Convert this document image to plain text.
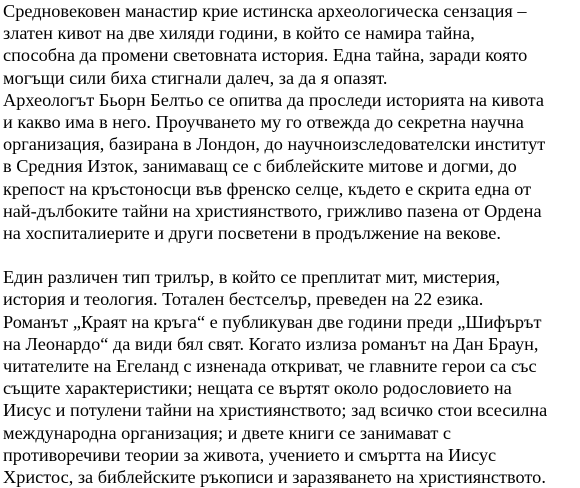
Средновековен манастир крие истинска археологическа сензация –
златен кивот на две хиляди години, в който се намира тайна,
способна да промени световната история. Една тайна, заради която
могъщи сили биха стигнали далеч, за да я опазят.
Археологът Бьорн Белтьо се опитва да проследи историята на кивота
и какво има в него. Проучването му го отвежда до секретна научна
организация, базирана в Лондон, до научноизследователски институт
в Средния Изток, занимаващ се с библейските митове и догми, до
крепост на кръстоносци във френско селце, където е скрита една от
най-дълбоките тайни на християнството, грижливо пазена от Ордена
на хоспиталиерите и други посветени в продължение на векове.
Един различен тип трилър, в който се преплитат мит, мистерия,
история и теология. Тотален бестселър, преведен на 22 езика.
Романът „Краят на кръга“ е публикуван две години преди „Шифърът
на Леонардо“ да види бял свят. Когато излиза романът на Дан Браун,
читателите на Егеланд с изненада откриват, че главните герои са със
същите характеристики; нещата се въртят около родословието на
Иисус и потулени тайни на християнството; зад всичко стои всесилна
международна организация; и двете книги се занимават с
противоречиви теории за живота, учението и смъртта на Иисус
Христос, за библейските ръкописи и заразяването на християнството.
